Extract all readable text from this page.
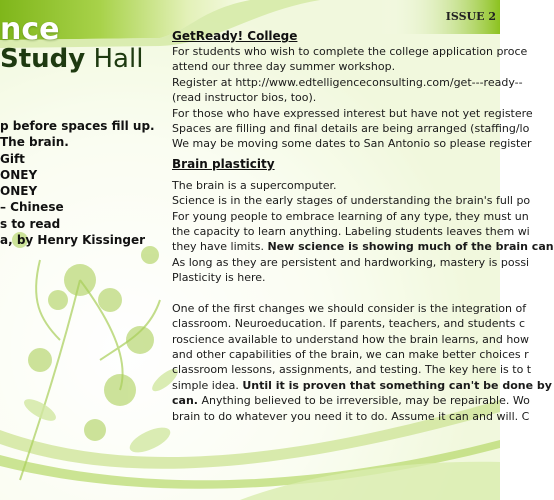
nce
Study Hall
ISSUE 2
p before spaces fill up.
The brain.
Gift
ONEY
ONEY
– Chinese
s to read
a, by Henry Kissinger
GetReady! College
For students who wish to complete the college application proce
attend our three day summer workshop.
Register at http://www.edtelligenceconsulting.com/get---ready--
(read instructor bios, too).
For those who have expressed interest but have not yet registere
Spaces are filling and final details are being arranged (staffing/lo
We may be moving some dates to San Antonio so please register
Brain plasticity
The brain is a supercomputer.
Science is in the early stages of understanding the brain's full po
For young people to embrace learning of any type, they must un
the capacity to learn anything. Labeling students leaves them wi
they have limits. New science is showing much of the brain can
As long as they are persistent and hardworking, mastery is possi
Plasticity is here.
One of the first changes we should consider is the integration of
classroom. Neuroeducation. If parents, teachers, and students c
roscience available to understand how the brain learns, and how
and other capabilities of the brain, we can make better choices r
classroom lessons, assignments, and testing. The key here is to t
simple idea. Until it is proven that something can't be done by
can. Anything believed to be irreversible, may be repairable. Wo
brain to do whatever you need it to do. Assume it can and will. C
